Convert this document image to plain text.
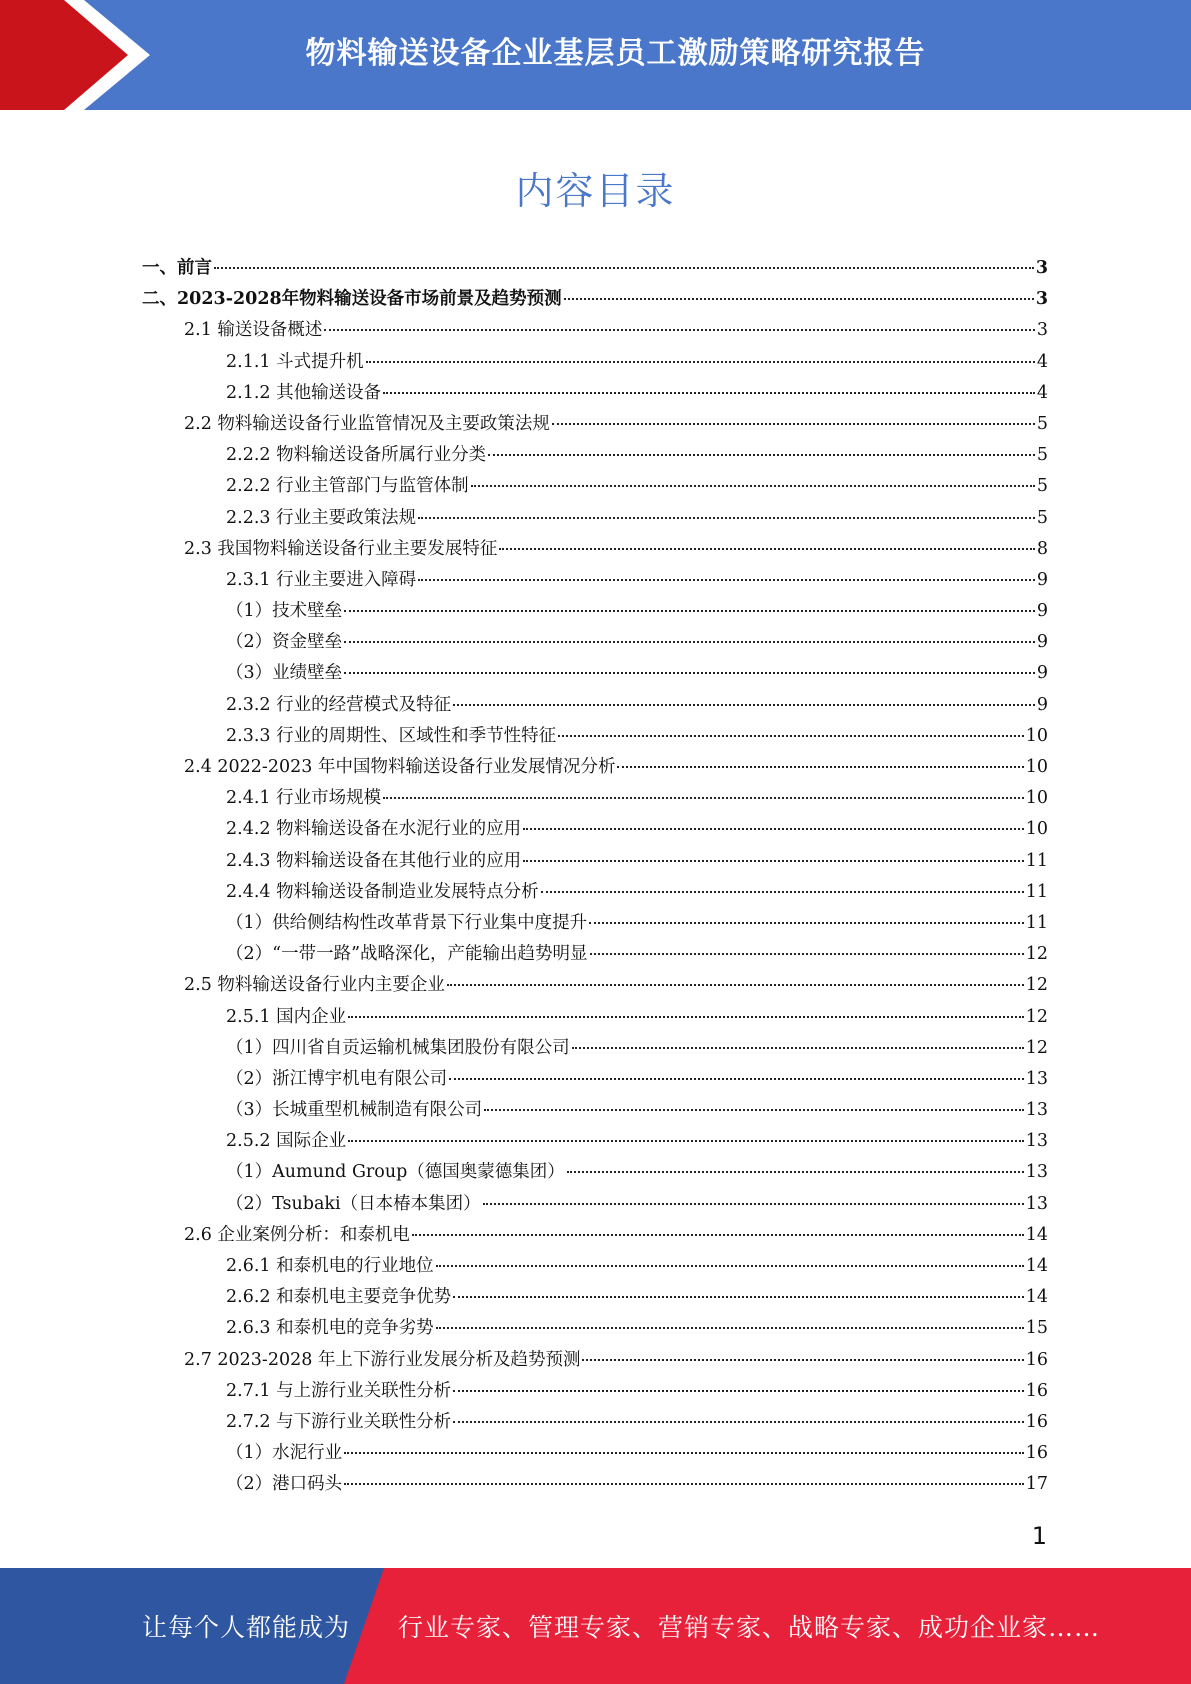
物料输送设备企业基层员工激励策略研究报告
内容目录
一、前言	3
二、2023-2028年物料输送设备市场前景及趋势预测	3
2.1 输送设备概述	3
2.1.1 斗式提升机	4
2.1.2 其他输送设备	4
2.2 物料输送设备行业监管情况及主要政策法规	5
2.2.2 物料输送设备所属行业分类	5
2.2.2 行业主管部门与监管体制	5
2.2.3 行业主要政策法规	5
2.3 我国物料输送设备行业主要发展特征	8
2.3.1 行业主要进入障碍	9
（1）技术壁垒	9
（2）资金壁垒	9
（3）业绩壁垒	9
2.3.2 行业的经营模式及特征	9
2.3.3 行业的周期性、区域性和季节性特征	10
2.4 2022-2023 年中国物料输送设备行业发展情况分析	10
2.4.1 行业市场规模	10
2.4.2 物料输送设备在水泥行业的应用	10
2.4.3 物料输送设备在其他行业的应用	11
2.4.4 物料输送设备制造业发展特点分析	11
（1）供给侧结构性改革背景下行业集中度提升	11
（2）“一带一路”战略深化，产能输出趋势明显	12
2.5 物料输送设备行业内主要企业	12
2.5.1 国内企业	12
（1）四川省自贡运输机械集团股份有限公司	12
（2）浙江博宇机电有限公司	13
（3）长城重型机械制造有限公司	13
2.5.2 国际企业	13
（1）Aumund Group（德国奥蒙德集团）	13
（2）Tsubaki（日本椿本集团）	13
2.6 企业案例分析：和泰机电	14
2.6.1 和泰机电的行业地位	14
2.6.2 和泰机电主要竞争优势	14
2.6.3 和泰机电的竞争劣势	15
2.7 2023-2028 年上下游行业发展分析及趋势预测	16
2.7.1 与上游行业关联性分析	16
2.7.2 与下游行业关联性分析	16
（1）水泥行业	16
（2）港口码头	17
1
让每个人都能成为 行业专家、管理专家、营销专家、战略专家、成功企业家……
